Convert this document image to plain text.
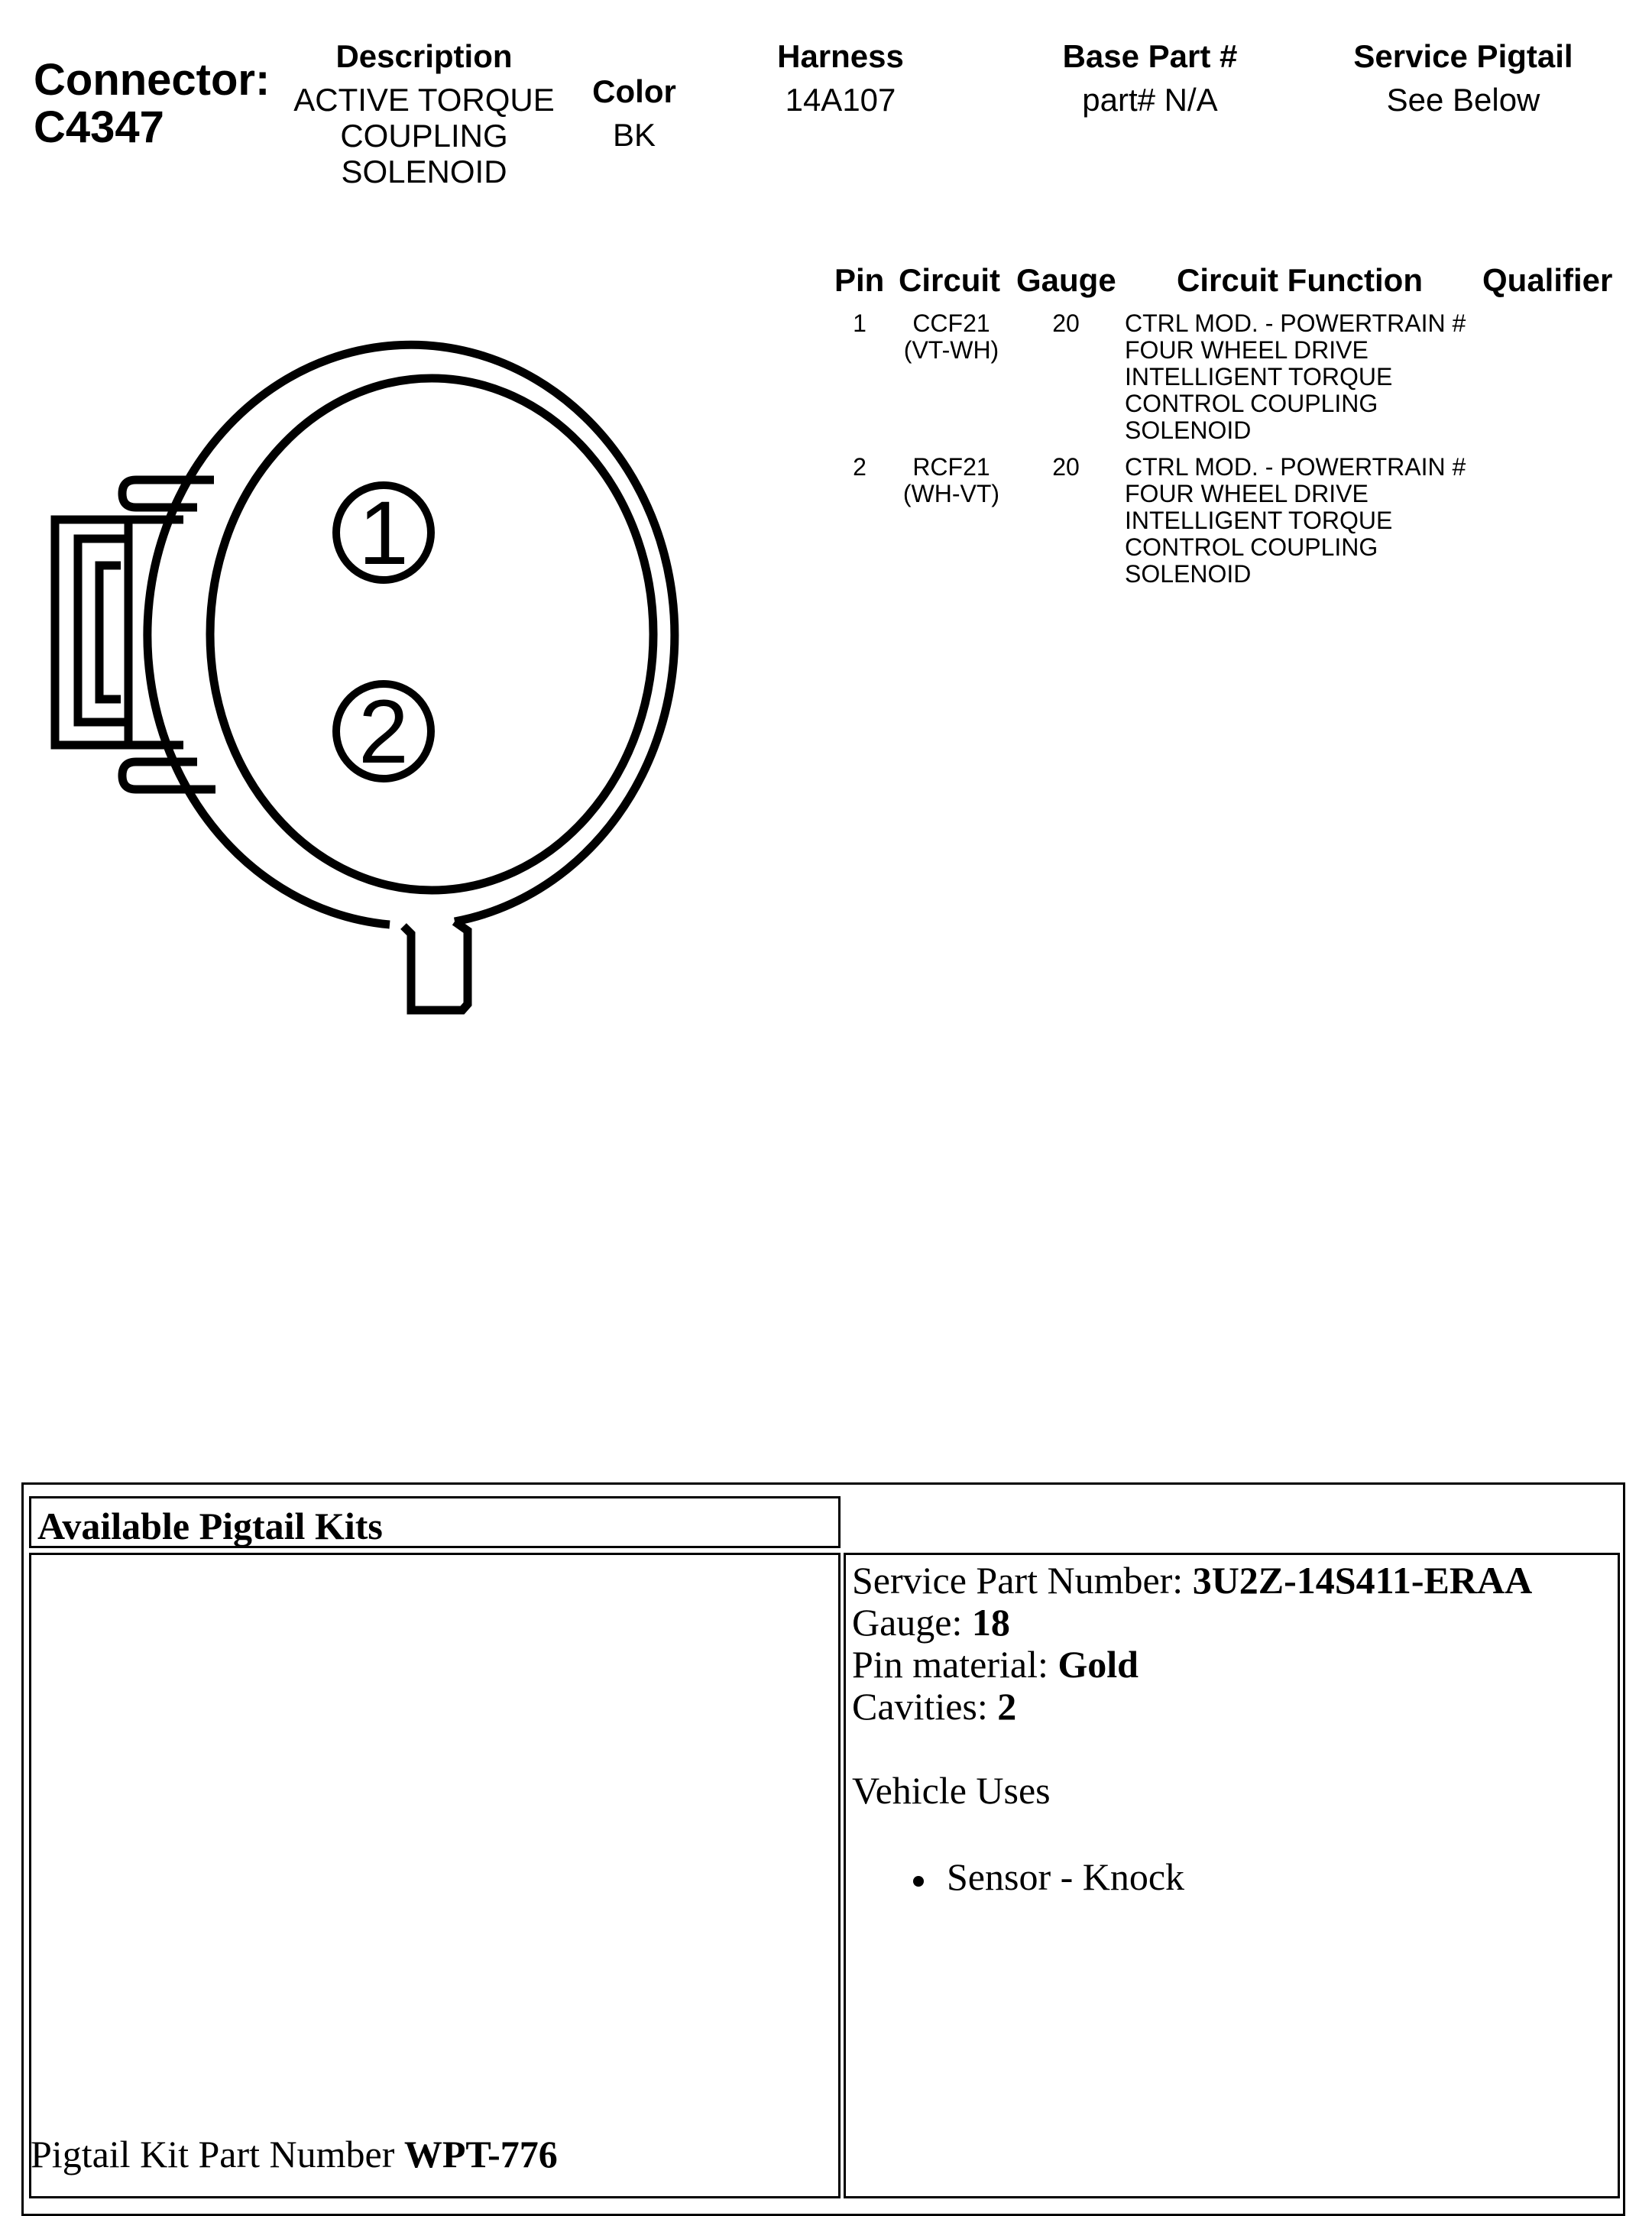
Connector:
C4347
Description
ACTIVE TORQUE
COUPLING
SOLENOID
Color
BK
Harness
14A107
Base Part #
part# N/A
Service Pigtail
See Below
1
2
Pin Circuit Gauge Circuit Function Qualifier
1	CCF21
(VT-WH)
20	CTRL MOD. - POWERTRAIN #
FOUR WHEEL DRIVE
INTELLIGENT TORQUE
CONTROL COUPLING
SOLENOID
2	RCF21
(WH-VT)
20	CTRL MOD. - POWERTRAIN #
FOUR WHEEL DRIVE
INTELLIGENT TORQUE
CONTROL COUPLING
SOLENOID
Available Pigtail Kits
Service Part Number: 3U2Z-14S411-ERAA
Gauge: 18
Pin material: Gold
Cavities: 2
Vehicle Uses
Sensor - Knock
Pigtail Kit Part Number WPT-776
